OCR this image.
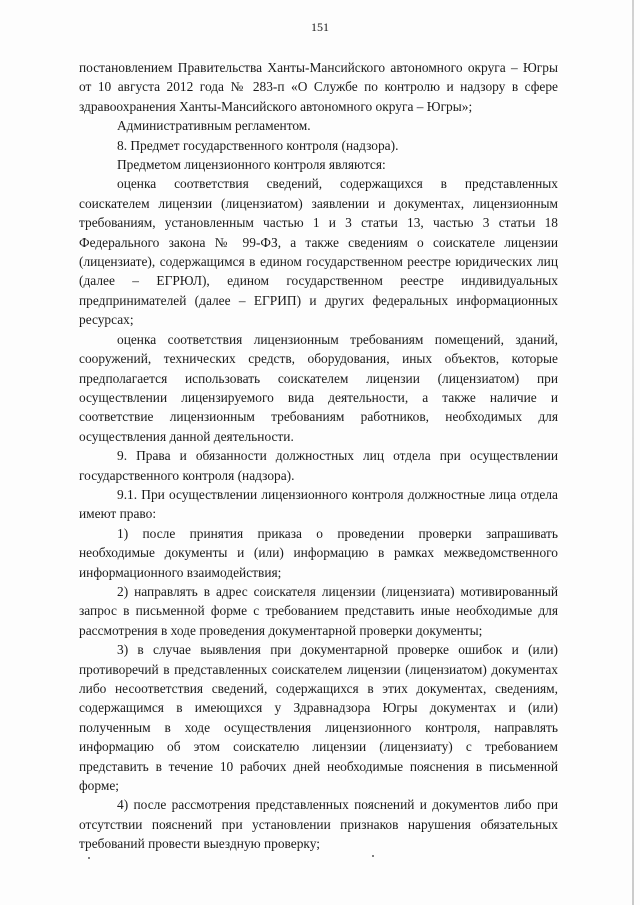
151

постановлением Правительства Ханты-Мансийского автономного округа – Югры от 10 августа 2012 года № 283-п «О Службе по контролю и надзору в сфере здравоохранения Ханты-Мансийского автономного округа – Югры»;

Административным регламентом.

8. Предмет государственного контроля (надзора).

Предметом лицензионного контроля являются:

оценка соответствия сведений, содержащихся в представленных соискателем лицензии (лицензиатом) заявлении и документах, лицензионным требованиям, установленным частью 1 и 3 статьи 13, частью 3 статьи 18 Федерального закона № 99-ФЗ, а также сведениям о соискателе лицензии (лицензиате), содержащимся в едином государственном реестре юридических лиц (далее – ЕГРЮЛ), едином государственном реестре индивидуальных предпринимателей (далее – ЕГРИП) и других федеральных информационных ресурсах;

оценка соответствия лицензионным требованиям помещений, зданий, сооружений, технических средств, оборудования, иных объектов, которые предполагается использовать соискателем лицензии (лицензиатом) при осуществлении лицензируемого вида деятельности, а также наличие и соответствие лицензионным требованиям работников, необходимых для осуществления данной деятельности.

9. Права и обязанности должностных лиц отдела при осуществлении государственного контроля (надзора).

9.1. При осуществлении лицензионного контроля должностные лица отдела имеют право:

1) после принятия приказа о проведении проверки запрашивать необходимые документы и (или) информацию в рамках межведомственного информационного взаимодействия;

2) направлять в адрес соискателя лицензии (лицензиата) мотивированный запрос в письменной форме с требованием представить иные необходимые для рассмотрения в ходе проведения документарной проверки документы;

3) в случае выявления при документарной проверке ошибок и (или) противоречий в представленных соискателем лицензии (лицензиатом) документах либо несоответствия сведений, содержащихся в этих документах, сведениям, содержащимся в имеющихся у Здравнадзора Югры документах и (или) полученным в ходе осуществления лицензионного контроля, направлять информацию об этом соискателю лицензии (лицензиату) с требованием представить в течение 10 рабочих дней необходимые пояснения в письменной форме;

4) после рассмотрения представленных пояснений и документов либо при отсутствии пояснений при установлении признаков нарушения обязательных требований провести выездную проверку;
